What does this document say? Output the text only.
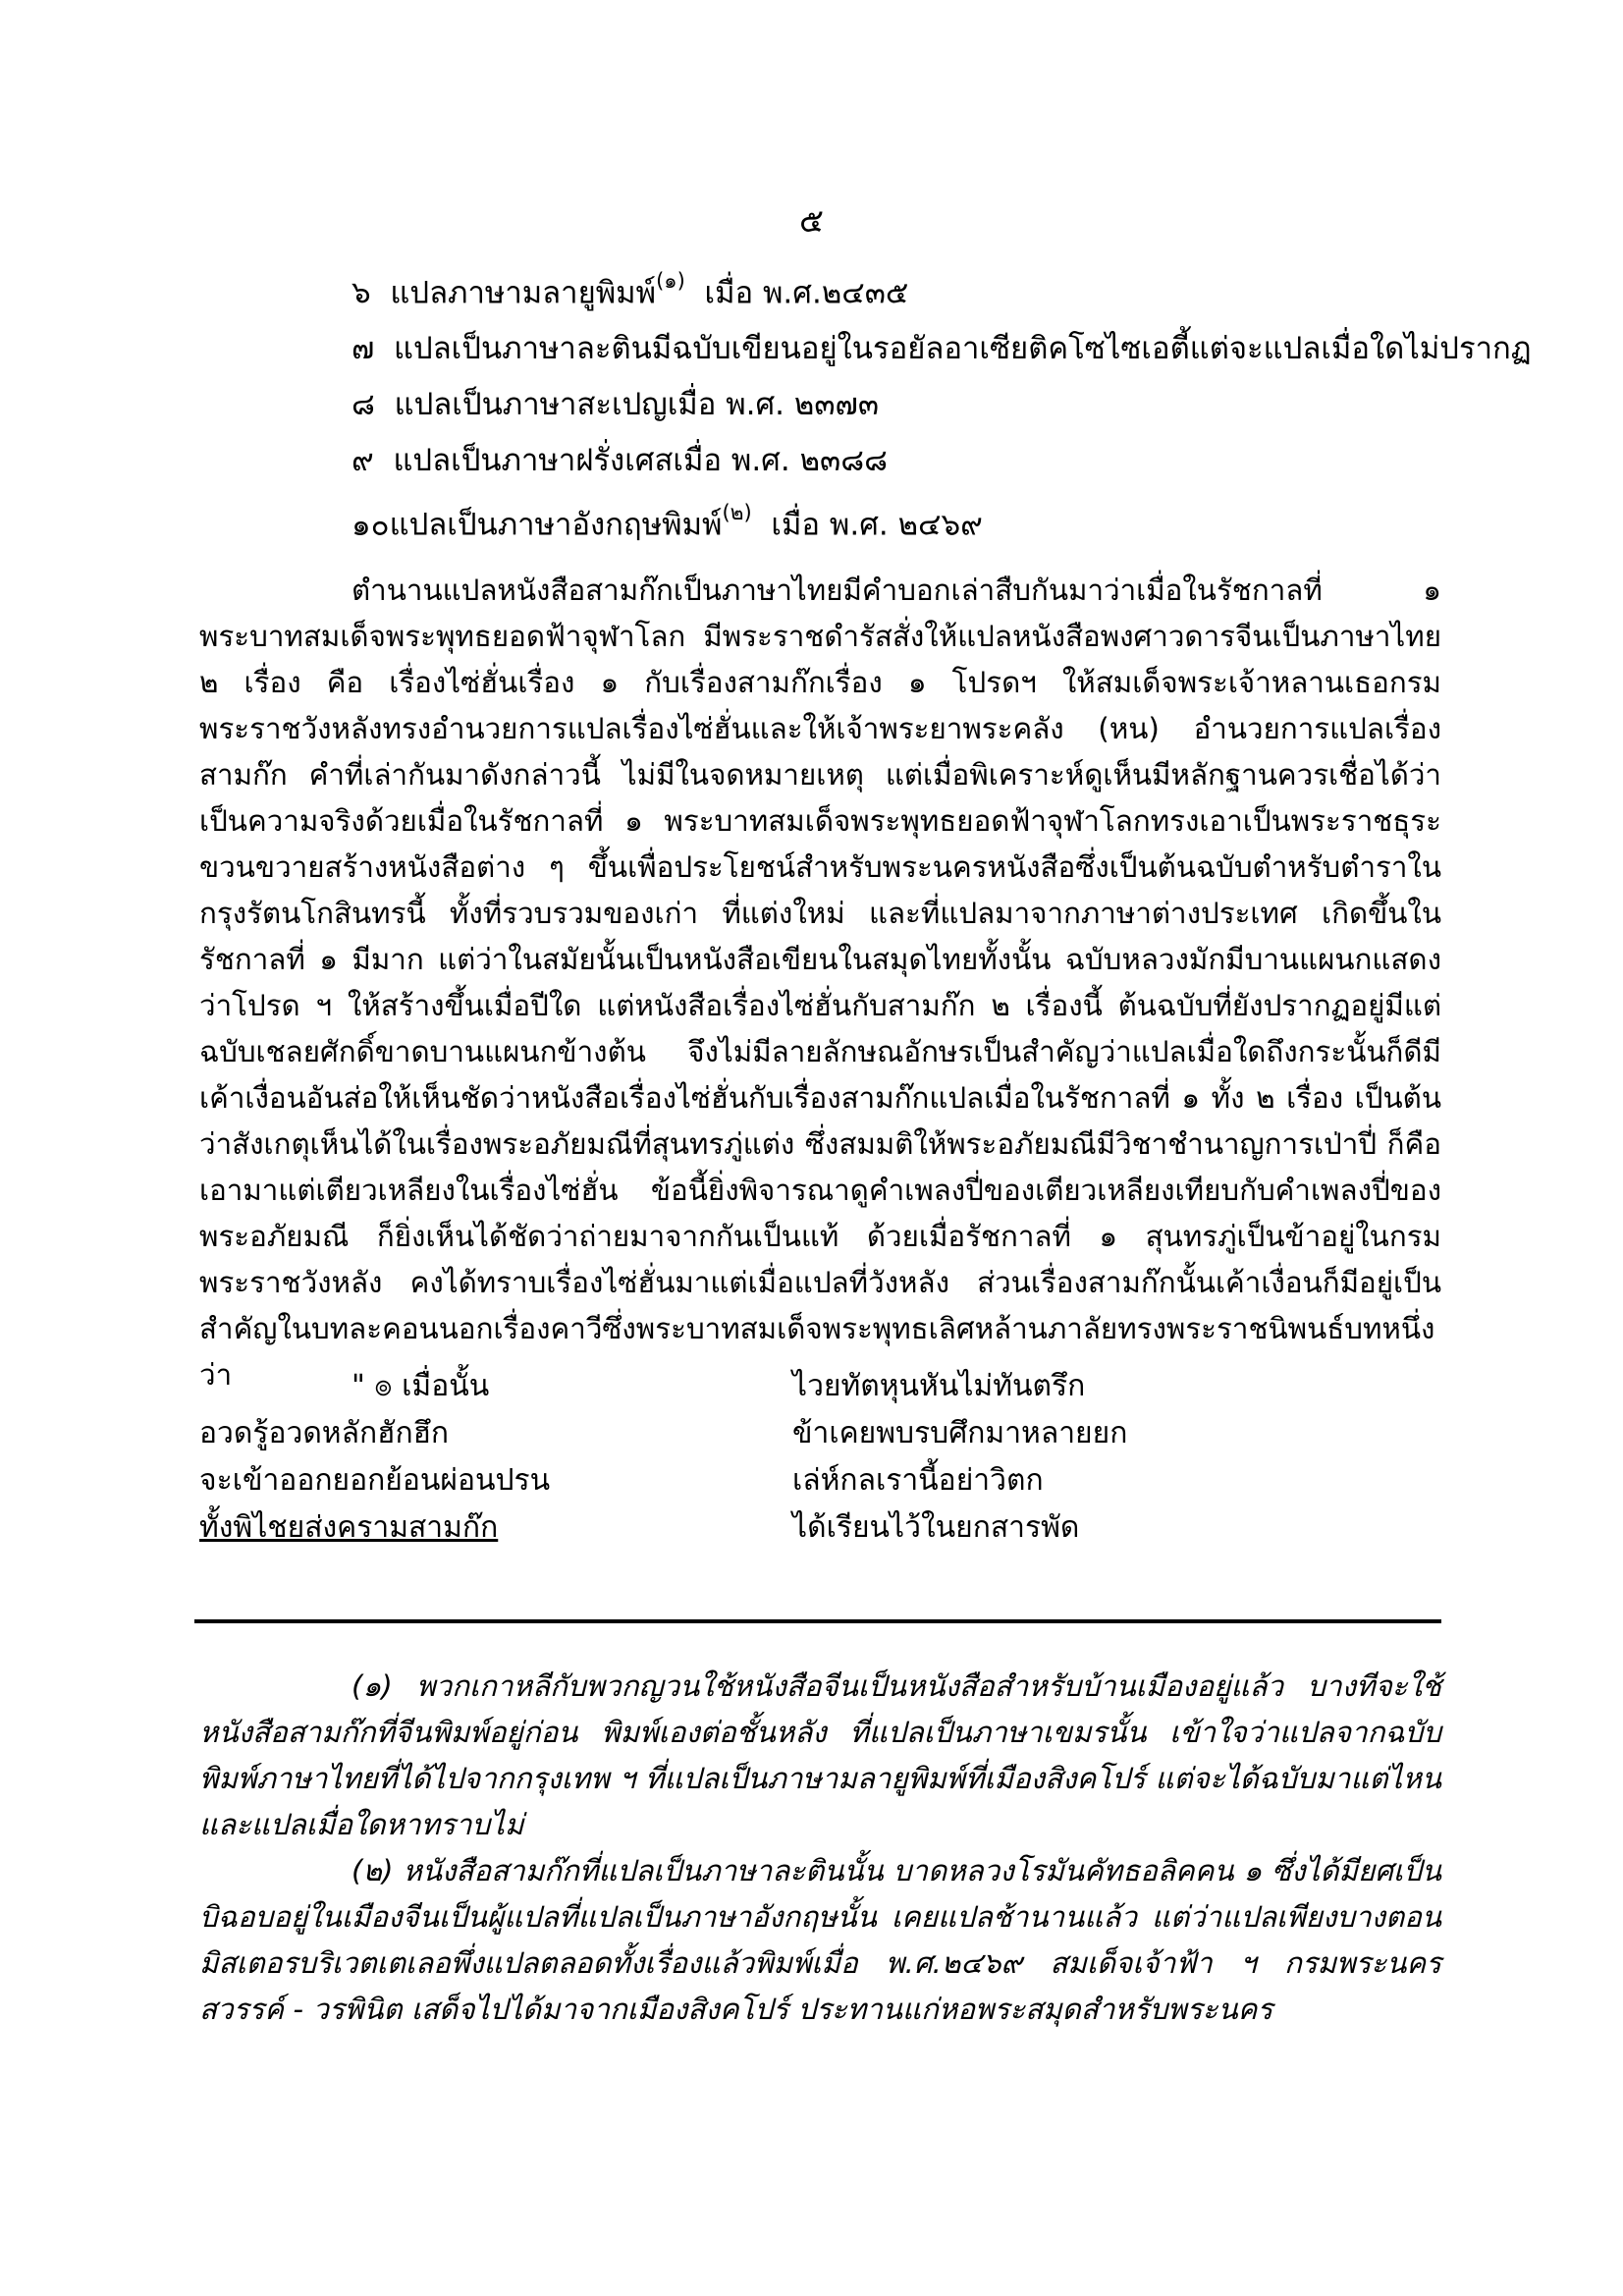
๕
๖ แปลภาษามลายูพิมพ์$^{(๑)}$ เมื่อ พ.ศ.๒๔๓๕
๗ แปลเป็นภาษาละตินมีฉบับเขียนอยู่ในรอยัลอาเซียติคโซไซเอตี้แต่จะแปลเมื่อใดไม่ปรากฏ
๘ แปลเป็นภาษาสะเปญเมื่อ พ.ศ. ๒๓๗๓
๙ แปลเป็นภาษาฝรั่งเศสเมื่อ พ.ศ. ๒๓๘๘
๑๐แปลเป็นภาษาอังกฤษพิมพ์$^{(๒)}$ เมื่อ พ.ศ. ๒๔๖๙
ตำนานแปลหนังสือสามก๊กเป็นภาษาไทยมีคำบอกเล่าสืบกันมาว่าเมื่อในรัชกาลที่ ๑ พระบาทสมเด็จพระพุทธยอดฟ้าจุฬาโลก มีพระราชดำรัสสั่งให้แปลหนังสือพงศาวดารจีนเป็นภาษาไทย ๒ เรื่อง คือ เรื่องไซ่ฮั่นเรื่อง ๑ กับเรื่องสามก๊กเรื่อง ๑ โปรดฯ ให้สมเด็จพระเจ้าหลานเธอกรมพระราชวังหลังทรงอำนวยการแปลเรื่องไซ่ฮั่นและให้เจ้าพระยาพระคลัง (หน) อำนวยการแปลเรื่องสามก๊ก คำที่เล่ากันมาดังกล่าวนี้ ไม่มีในจดหมายเหตุ แต่เมื่อพิเคราะห์ดูเห็นมีหลักฐานควรเชื่อได้ว่าเป็นความจริงด้วยเมื่อในรัชกาลที่ ๑ พระบาทสมเด็จพระพุทธยอดฟ้าจุฬาโลกทรงเอาเป็นพระราชธุระขวนขวายสร้างหนังสือต่าง ๆ ขึ้นเพื่อประโยชน์สำหรับพระนครหนังสือซึ่งเป็นต้นฉบับตำหรับตำราในกรุงรัตนโกสินทรนี้ ทั้งที่รวบรวมของเก่า ที่แต่งใหม่ และที่แปลมาจากภาษาต่างประเทศ เกิดขึ้นในรัชกาลที่ ๑ มีมาก แต่ว่าในสมัยนั้นเป็นหนังสือเขียนในสมุดไทยทั้งนั้น ฉบับหลวงมักมีบานแผนกแสดง ว่าโปรด ฯ ให้สร้างขึ้นเมื่อปีใด แต่หนังสือเรื่องไซ่ฮั่นกับสามก๊ก ๒ เรื่องนี้ ต้นฉบับที่ยังปรากฏอยู่มีแต่ฉบับเชลยศักดิ์ขาดบานแผนกข้างต้น จึงไม่มีลายลักษณอักษรเป็นสำคัญว่าแปลเมื่อใดถึงกระนั้นก็ดีมีเค้าเงื่อนอันส่อให้เห็นชัดว่าหนังสือเรื่องไซ่ฮั่นกับเรื่องสามก๊กแปลเมื่อในรัชกาลที่ ๑ ทั้ง ๒ เรื่อง เป็นต้นว่าสังเกตุเห็นได้ในเรื่องพระอภัยมณีที่สุนทรภู่แต่ง ซึ่งสมมติให้พระอภัยมณีมีวิชาชำนาญการเป่าปี่ ก็คือเอามาแต่เตียวเหลียงในเรื่องไซ่ฮั่น ข้อนี้ยิ่งพิจารณาดูคำเพลงปี่ของเตียวเหลียงเทียบกับคำเพลงปี่ของพระอภัยมณี ก็ยิ่งเห็นได้ชัดว่าถ่ายมาจากกันเป็นแท้ ด้วยเมื่อรัชกาลที่ ๑ สุนทรภู่เป็นข้าอยู่ในกรมพระราชวังหลัง คงได้ทราบเรื่องไซ่ฮั่นมาแต่เมื่อแปลที่วังหลัง ส่วนเรื่องสามก๊กนั้นเค้าเงื่อนก็มีอยู่เป็นสำคัญในบทละคอนนอกเรื่องคาวีซึ่งพระบาทสมเด็จพระพุทธเลิศหล้านภาลัยทรงพระราชนิพนธ์บทหนึ่ง ว่า	" ๏ เมื่อนั้น	ไวยทัตหุนหันไม่ทันตรึก
อวดรู้อวดหลักฮักฮึก	ข้าเคยพบรบศึกมาหลายยก
จะเข้าออกยอกย้อนผ่อนปรน	เล่ห์กลเรานี้อย่าวิตก
ทั้งพิไชยส่งครามสามก๊ก	ได้เรียนไว้ในยกสารพัด
(๑) พวกเกาหลีกับพวกญวนใช้หนังสือจีนเป็นหนังสือสำหรับบ้านเมืองอยู่แล้ว บางทีจะใช้หนังสือสามก๊กที่จีนพิมพ์อยู่ก่อน พิมพ์เองต่อชั้นหลัง ที่แปลเป็นภาษาเขมรนั้น เข้าใจว่าแปลจากฉบับพิมพ์ภาษาไทยที่ได้ไปจากกรุงเทพ ฯ ที่แปลเป็นภาษามลายูพิมพ์ที่เมืองสิงคโปร์ แต่จะได้ฉบับมาแต่ไหนและแปลเมื่อใดหาทราบไม่
(๒) หนังสือสามก๊กที่แปลเป็นภาษาละตินนั้น บาดหลวงโรมันคัทธอลิคคน ๑ ซึ่งได้มียศเป็นบิฉอบอยู่ในเมืองจีนเป็นผู้แปลที่แปลเป็นภาษาอังกฤษนั้น เคยแปลช้านานแล้ว แต่ว่าแปลเพียงบางตอนมิสเตอรบริเวตเตเลอพึ่งแปลตลอดทั้งเรื่องแล้วพิมพ์เมื่อ พ.ศ.๒๔๖๙ สมเด็จเจ้าฟ้า ฯ กรมพระนครสวรรค์ - วรพินิต เสด็จไปได้มาจากเมืองสิงคโปร์ ประทานแก่หอพระสมุดสำหรับพระนคร
